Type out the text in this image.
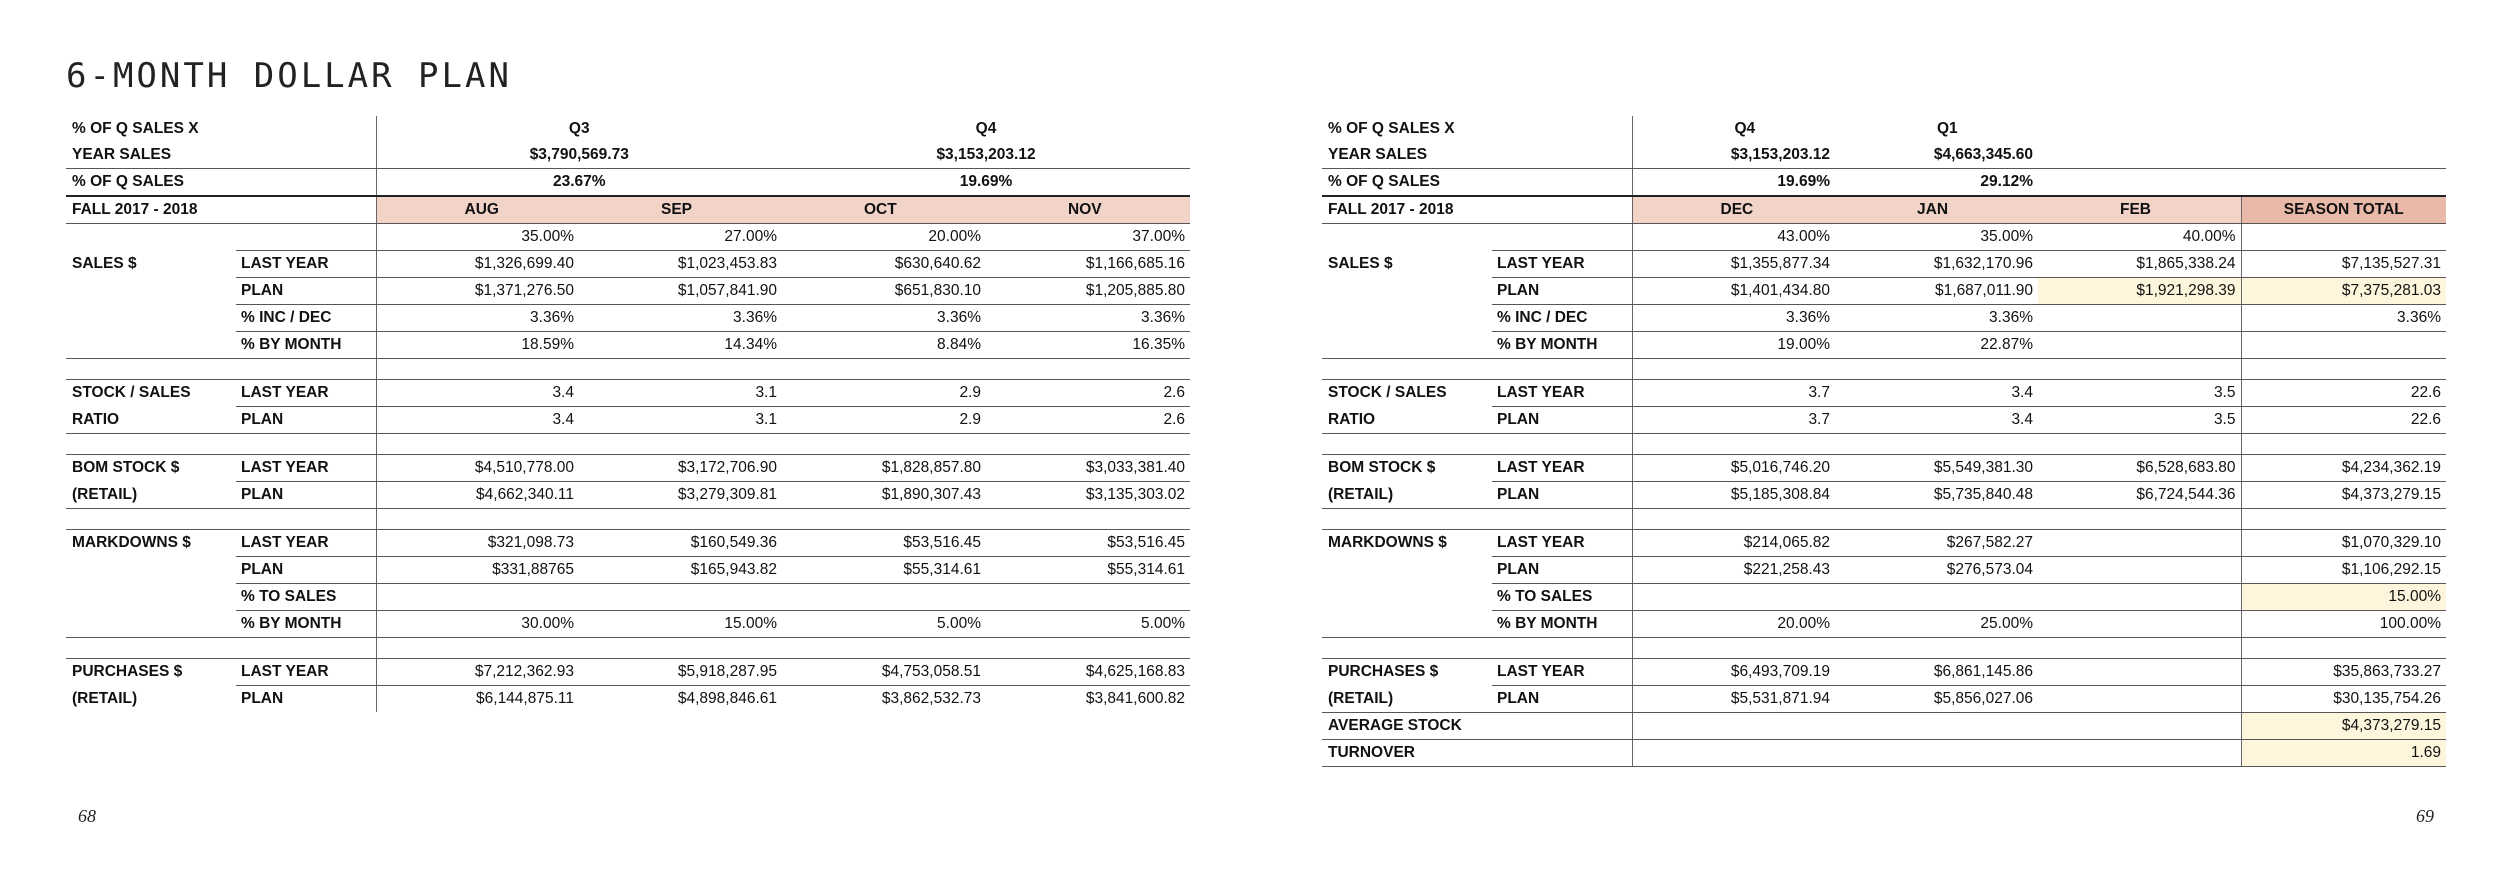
6-MONTH DOLLAR PLAN
% OF Q SALES X		Q3		Q4	
YEAR SALES		$3,790,569.73		$3,153,203.12	
% OF Q SALES		23.67%		19.69%	
FALL 2017 - 2018		AUG	SEP	OCT	NOV
		35.00%	27.00%	20.00%	37.00%
SALES $	LAST YEAR	$1,326,699.40	$1,023,453.83	$630,640.62	$1,166,685.16
	PLAN	$1,371,276.50	$1,057,841.90	$651,830.10	$1,205,885.80
	% INC / DEC	3.36%	3.36%	3.36%	3.36%
	% BY MONTH	18.59%	14.34%	8.84%	16.35%

STOCK / SALES	LAST YEAR	3.4	3.1	2.9	2.6
RATIO	PLAN	3.4	3.1	2.9	2.6

BOM STOCK $	LAST YEAR	$4,510,778.00	$3,172,706.90	$1,828,857.80	$3,033,381.40
(RETAIL)	PLAN	$4,662,340.11	$3,279,309.81	$1,890,307.43	$3,135,303.02

MARKDOWNS $	LAST YEAR	$321,098.73	$160,549.36	$53,516.45	$53,516.45
	PLAN	$331,88765	$165,943.82	$55,314.61	$55,314.61
	% TO SALES				
	% BY MONTH	30.00%	15.00%	5.00%	5.00%

PURCHASES $	LAST YEAR	$7,212,362.93	$5,918,287.95	$4,753,058.51	$4,625,168.83
(RETAIL)	PLAN	$6,144,875.11	$4,898,846.61	$3,862,532.73	$3,841,600.82
% OF Q SALES X		Q4	Q1		
YEAR SALES		$3,153,203.12	$4,663,345.60		
% OF Q SALES		19.69%	29.12%		
FALL 2017 - 2018		DEC	JAN	FEB	SEASON TOTAL
		43.00%	35.00%	40.00%	
SALES $	LAST YEAR	$1,355,877.34	$1,632,170.96	$1,865,338.24	$7,135,527.31
	PLAN	$1,401,434.80	$1,687,011.90	$1,921,298.39	$7,375,281.03
	% INC / DEC	3.36%	3.36%		3.36%
	% BY MONTH	19.00%	22.87%		

STOCK / SALES	LAST YEAR	3.7	3.4	3.5	22.6
RATIO	PLAN	3.7	3.4	3.5	22.6

BOM STOCK $	LAST YEAR	$5,016,746.20	$5,549,381.30	$6,528,683.80	$4,234,362.19
(RETAIL)	PLAN	$5,185,308.84	$5,735,840.48	$6,724,544.36	$4,373,279.15

MARKDOWNS $	LAST YEAR	$214,065.82	$267,582.27		$1,070,329.10
	PLAN	$221,258.43	$276,573.04		$1,106,292.15
	% TO SALES				15.00%
	% BY MONTH	20.00%	25.00%		100.00%

PURCHASES $	LAST YEAR	$6,493,709.19	$6,861,145.86		$35,863,733.27
(RETAIL)	PLAN	$5,531,871.94	$5,856,027.06		$30,135,754.26
AVERAGE STOCK					$4,373,279.15
TURNOVER					1.69
68	69
